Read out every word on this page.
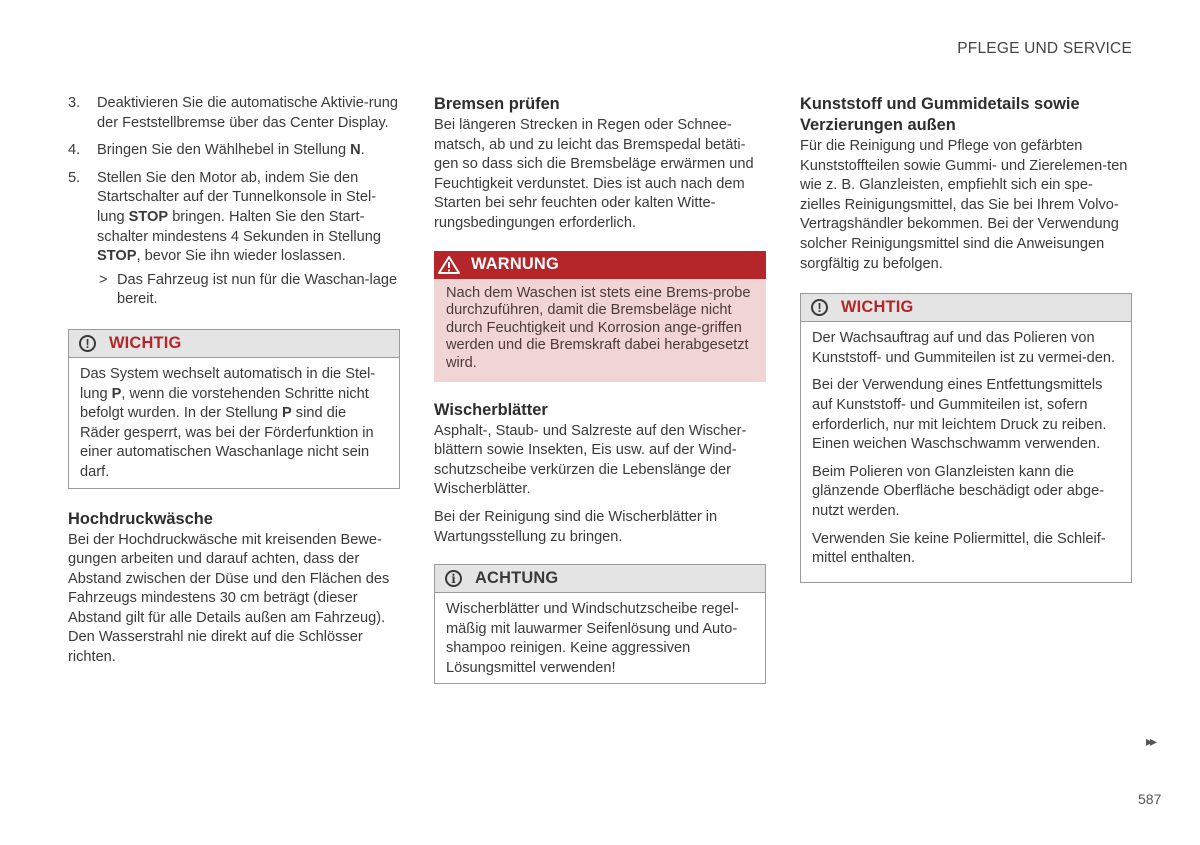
PFLEGE UND SERVICE
3. Deaktivieren Sie die automatische Aktivie-rung der Feststellbremse über das Center Display.
4. Bringen Sie den Wählhebel in Stellung N.
5. Stellen Sie den Motor ab, indem Sie den Startschalter auf der Tunnelkonsole in Stel-lung STOP bringen. Halten Sie den Start-schalter mindestens 4 Sekunden in Stellung STOP, bevor Sie ihn wieder loslassen.
> Das Fahrzeug ist nun für die Waschan-lage bereit.
!	WICHTIG
Das System wechselt automatisch in die Stel-lung P, wenn die vorstehenden Schritte nicht befolgt wurden. In der Stellung P sind die Räder gesperrt, was bei der Förderfunktion in einer automatischen Waschanlage nicht sein darf.
Hochdruckwäsche

Bei der Hochdruckwäsche mit kreisenden Bewe-gungen arbeiten und darauf achten, dass der Abstand zwischen der Düse und den Flächen des Fahrzeugs mindestens 30 cm beträgt (dieser Abstand gilt für alle Details außen am Fahrzeug). Den Wasserstrahl nie direkt auf die Schlösser richten.

Bremsen prüfen

Bei längeren Strecken in Regen oder Schnee-matsch, ab und zu leicht das Bremspedal betäti-gen so dass sich die Bremsbeläge erwärmen und Feuchtigkeit verdunstet. Dies ist auch nach dem Starten bei sehr feuchten oder kalten Witte-rungsbedingungen erforderlich.

WARNUNG
Nach dem Waschen ist stets eine Brems-probe durchzuführen, damit die Bremsbeläge nicht durch Feuchtigkeit und Korrosion ange-griffen werden und die Bremskraft dabei herabgesetzt wird.
Wischerblätter

Asphalt-, Staub- und Salzreste auf den Wischer-blättern sowie Insekten, Eis usw. auf der Wind-schutzscheibe verkürzen die Lebenslänge der Wischerblätter.

Bei der Reinigung sind die Wischerblätter in Wartungsstellung zu bringen.

i	ACHTUNG
Wischerblätter und Windschutzscheibe regel-mäßig mit lauwarmer Seifenlösung und Auto-shampoo reinigen. Keine aggressiven Lösungsmittel verwenden!
Kunststoff und Gummidetails sowie Verzierungen außen

Für die Reinigung und Pflege von gefärbten Kunststoffteilen sowie Gummi- und Zierelemen-ten wie z. B. Glanzleisten, empfiehlt sich ein spe-zielles Reinigungsmittel, das Sie bei Ihrem Volvo-Vertragshändler bekommen. Bei der Verwendung solcher Reinigungsmittel sind die Anweisungen sorgfältig zu befolgen.

!	WICHTIG

Der Wachsauftrag auf und das Polieren von Kunststoff- und Gummiteilen ist zu vermei-den.

Bei der Verwendung eines Entfettungsmittels auf Kunststoff- und Gummiteilen ist, sofern erforderlich, nur mit leichtem Druck zu reiben. Einen weichen Waschschwamm verwenden.

Beim Polieren von Glanzleisten kann die glänzende Oberfläche beschädigt oder abge-nutzt werden.

Verwenden Sie keine Poliermittel, die Schleif-mittel enthalten.

▸▸
587
